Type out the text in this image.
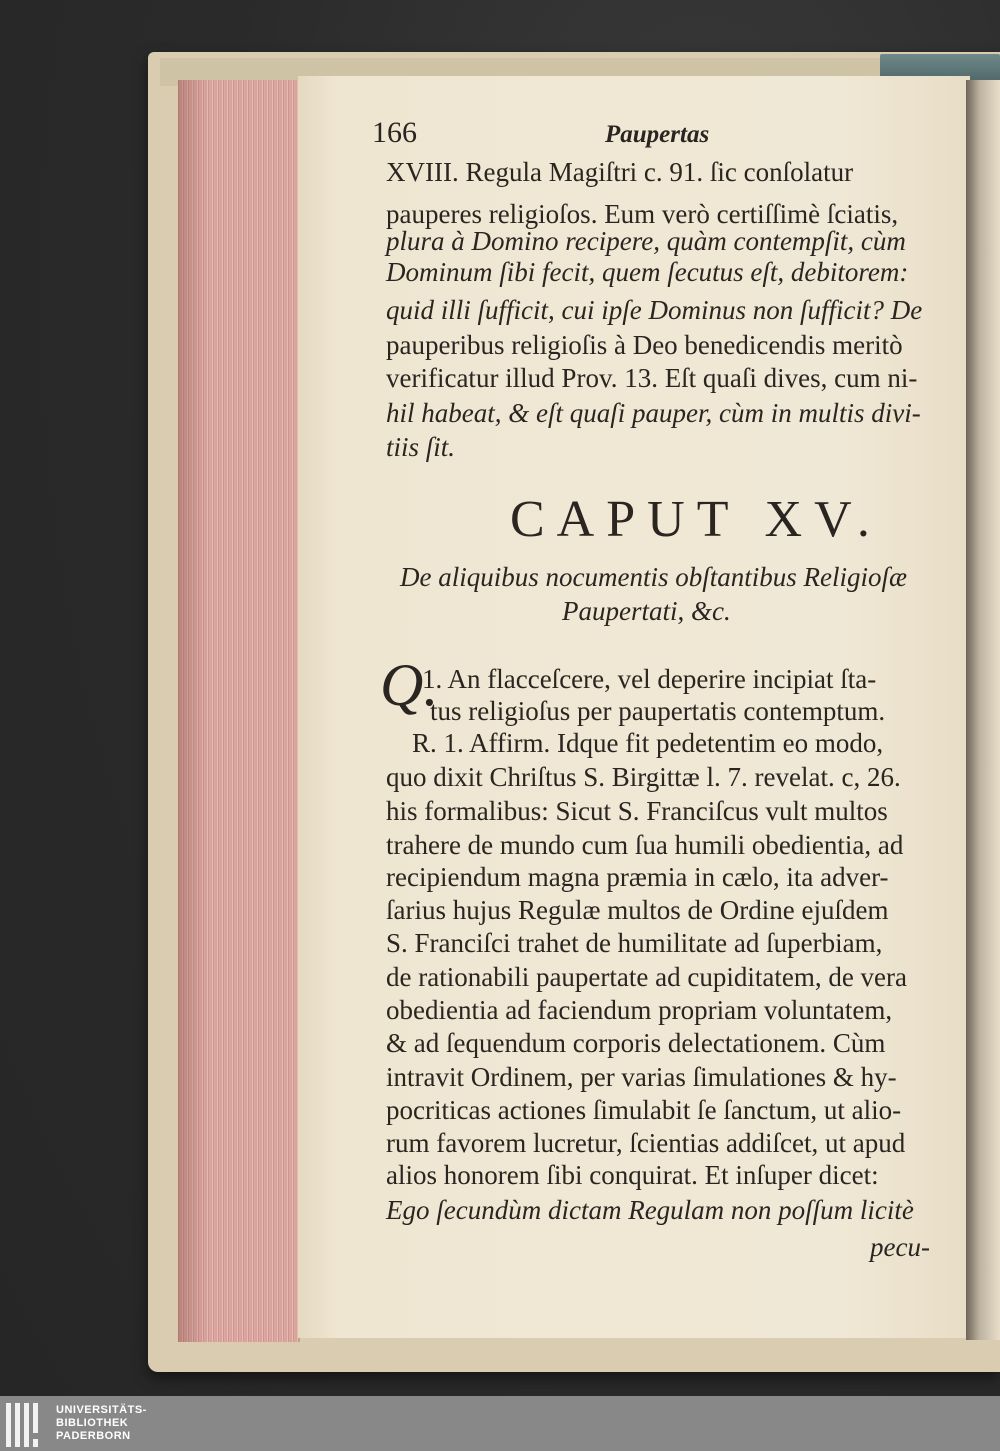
166	Paupertas
XVIII. Regula Magiſtri c. 91. ſic conſolatur
pauperes religioſos. Eum verò certiſſimè ſciatis,
plura à Domino recipere, quàm contempſit, cùm
Dominum ſibi fecit, quem ſecutus eſt, debitorem:
quid illi ſufficit, cui ipſe Dominus non ſufficit? De
pauperibus religioſis à Deo benedicendis meritò
verificatur illud Prov. 13. Eſt quaſi dives, cum ni-
hil habeat, & eſt quaſi pauper, cùm in multis divi-
tiis ſit.
CAPUT XV.
De aliquibus nocumentis obſtantibus Religioſæ
Paupertati, &c.
Q.
1. An flacceſcere, vel deperire incipiat ſta-
tus religioſus per paupertatis contemptum.
R. 1. Affirm. Idque fit pedetentim eo modo,
quo dixit Chriſtus S. Birgittæ l. 7. revelat. c, 26.
his formalibus: Sicut S. Franciſcus vult multos
trahere de mundo cum ſua humili obedientia, ad
recipiendum magna præmia in cælo, ita adver-
ſarius hujus Regulæ multos de Ordine ejuſdem
S. Franciſci trahet de humilitate ad ſuperbiam,
de rationabili paupertate ad cupiditatem, de vera
obedientia ad faciendum propriam voluntatem,
& ad ſequendum corporis delectationem. Cùm
intravit Ordinem, per varias ſimulationes & hy-
pocriticas actiones ſimulabit ſe ſanctum, ut alio-
rum favorem lucretur, ſcientias addiſcet, ut apud
alios honorem ſibi conquirat. Et inſuper dicet:
Ego ſecundùm dictam Regulam non poſſum licitè
pecu-
UNIVERSITÄTS-
BIBLIOTHEK
PADERBORN
